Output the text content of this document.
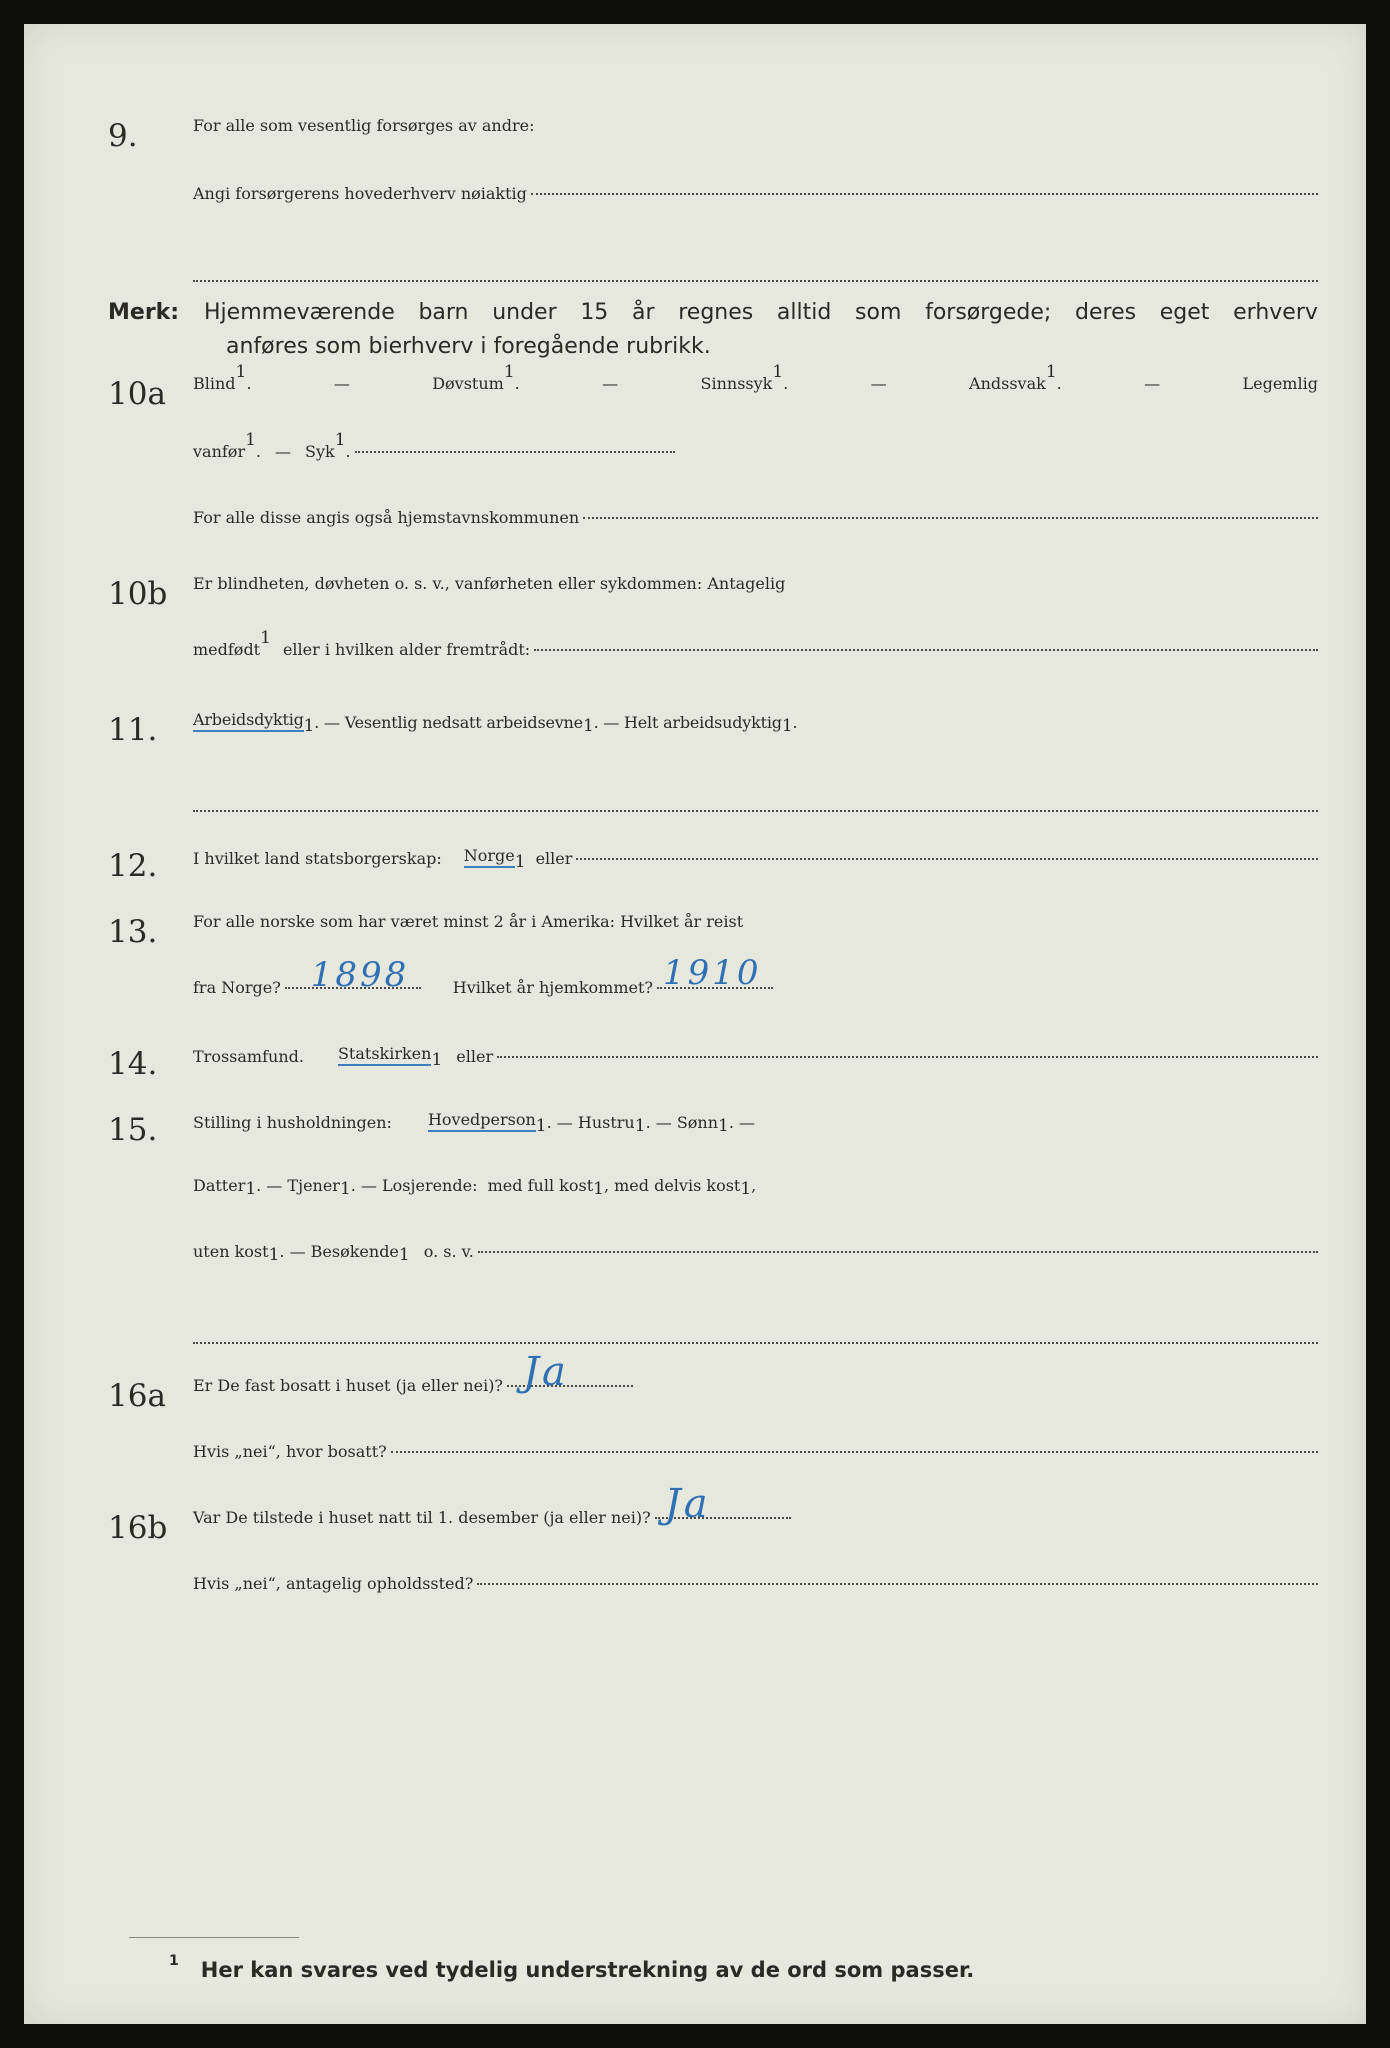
9.	For alle som vesentlig forsørges av andre:
Angi forsørgerens hovederhverv nøiaktig
Merk: Hjemmeværende barn under 15 år regnes alltid som forsørgede; deres eget erhverv
anføres som bierhverv i foregående rubrikk.
10a	Blind$^1$.	—	Døvstum$^1$.	—	Sinnssyk$^1$.	—	Andssvak$^1$.	—	Legemlig
vanfør$^1$. — Syk$^1$.
For alle disse angis også hjemstavnskommunen
10b	Er blindheten, døvheten o. s. v., vanførheten eller sykdommen: Antagelig
medfødt$^1$
eller i hvilken alder fremtrådt:
11.	Arbeidsdyktig$^1$ . — Vesentlig nedsatt arbeidsevne$^1$ . — Helt arbeidsudyktig$^1$ .
12.	I hvilket land statsborgerskap: Norge$^1$ eller
13.	For alle norske som har været minst 2 år i Amerika: Hvilket år reist
fra Norge? 1898	Hvilket år hjemkommet? 1910
14.	Trossamfund. Statskirken$^1$ eller
15.	Stilling i husholdningen: Hovedperson$^1$ . — Hustru$^1$ . — Sønn$^1$ . —
Datter$^1$ . — Tjener$^1$ . — Losjerende:  med full kost$^1$ , med delvis kost$^1$ ,
uten kost$^1$ . — Besøkende$^1$ o. s. v.
16a	Er De fast bosatt i huset (ja eller nei)? Ja
Hvis „nei“, hvor bosatt?
16b	Var De tilstede i huset natt til 1. desember (ja eller nei)? Ja
Hvis „nei“, antagelig opholdssted?
$^1$ Her kan svares ved tydelig understrekning av de ord som passer.
